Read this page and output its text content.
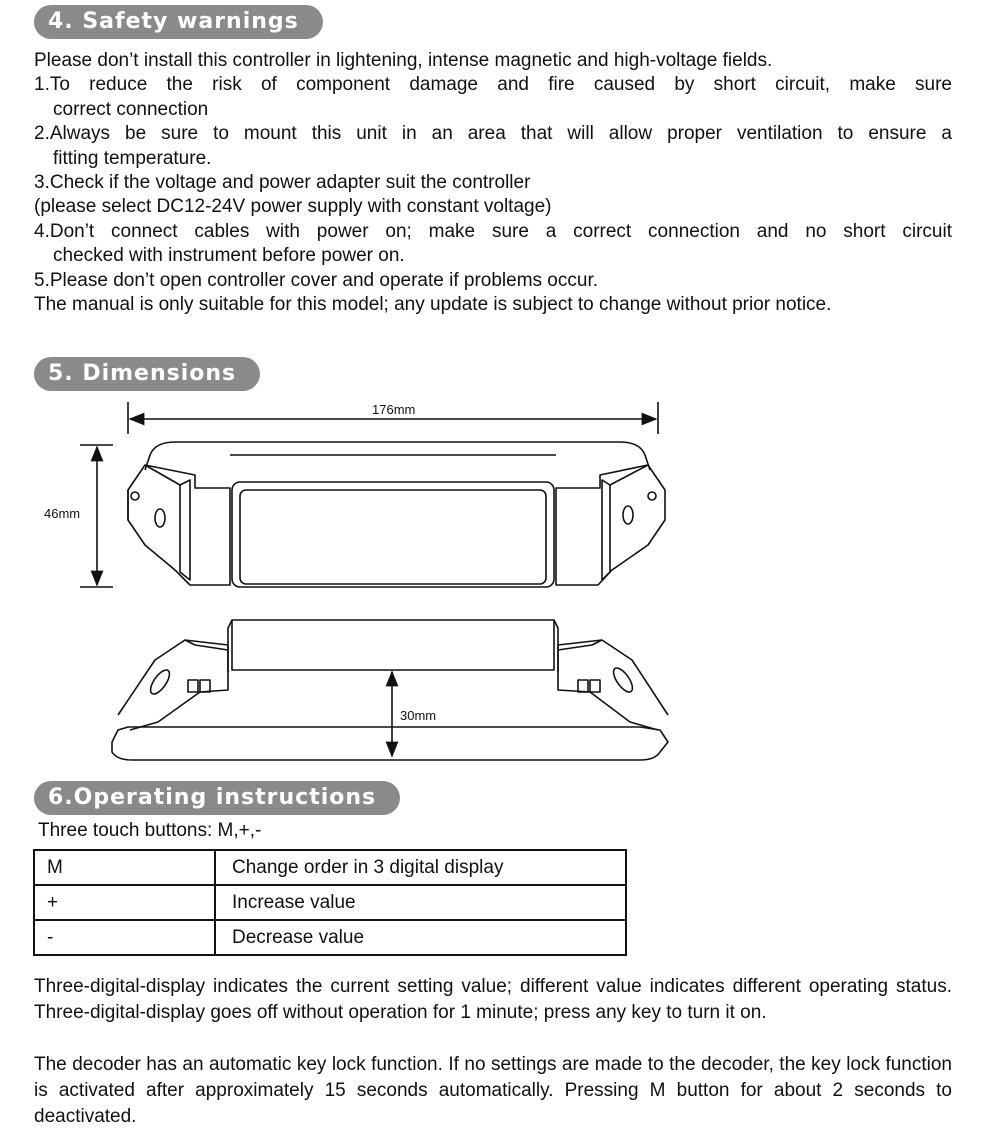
4. Safety warnings

Please don’t install this controller in lightening, intense magnetic and high-voltage fields.

1.To reduce the risk of component damage and fire caused by short circuit, make sure

correct connection

2.Always be sure to mount this unit in an area that will allow proper ventilation to ensure a

fitting temperature.

3.Check if the voltage and power adapter suit the controller

(please select DC12-24V power supply with constant voltage)

4.Don’t connect cables with power on; make sure a correct connection and no short circuit

checked with instrument before power on.

5.Please don’t open controller cover and operate if problems occur.

The manual is only suitable for this model; any update is subject to change without prior notice.

5. Dimensions
176mm
46mm
30mm
6.Operating instructions
Three touch buttons: M,+,-
M	Change order in 3 digital display
+	Increase value
-	Decrease value
Three-digital-display indicates the current setting value; different value indicates different operating status. Three-digital-display goes off without operation for 1 minute; press any key to turn it on.
The decoder has an automatic key lock function. If no settings are made to the decoder, the key lock function is activated after approximately 15 seconds automatically. Pressing M button for about 2 seconds to deactivated.
